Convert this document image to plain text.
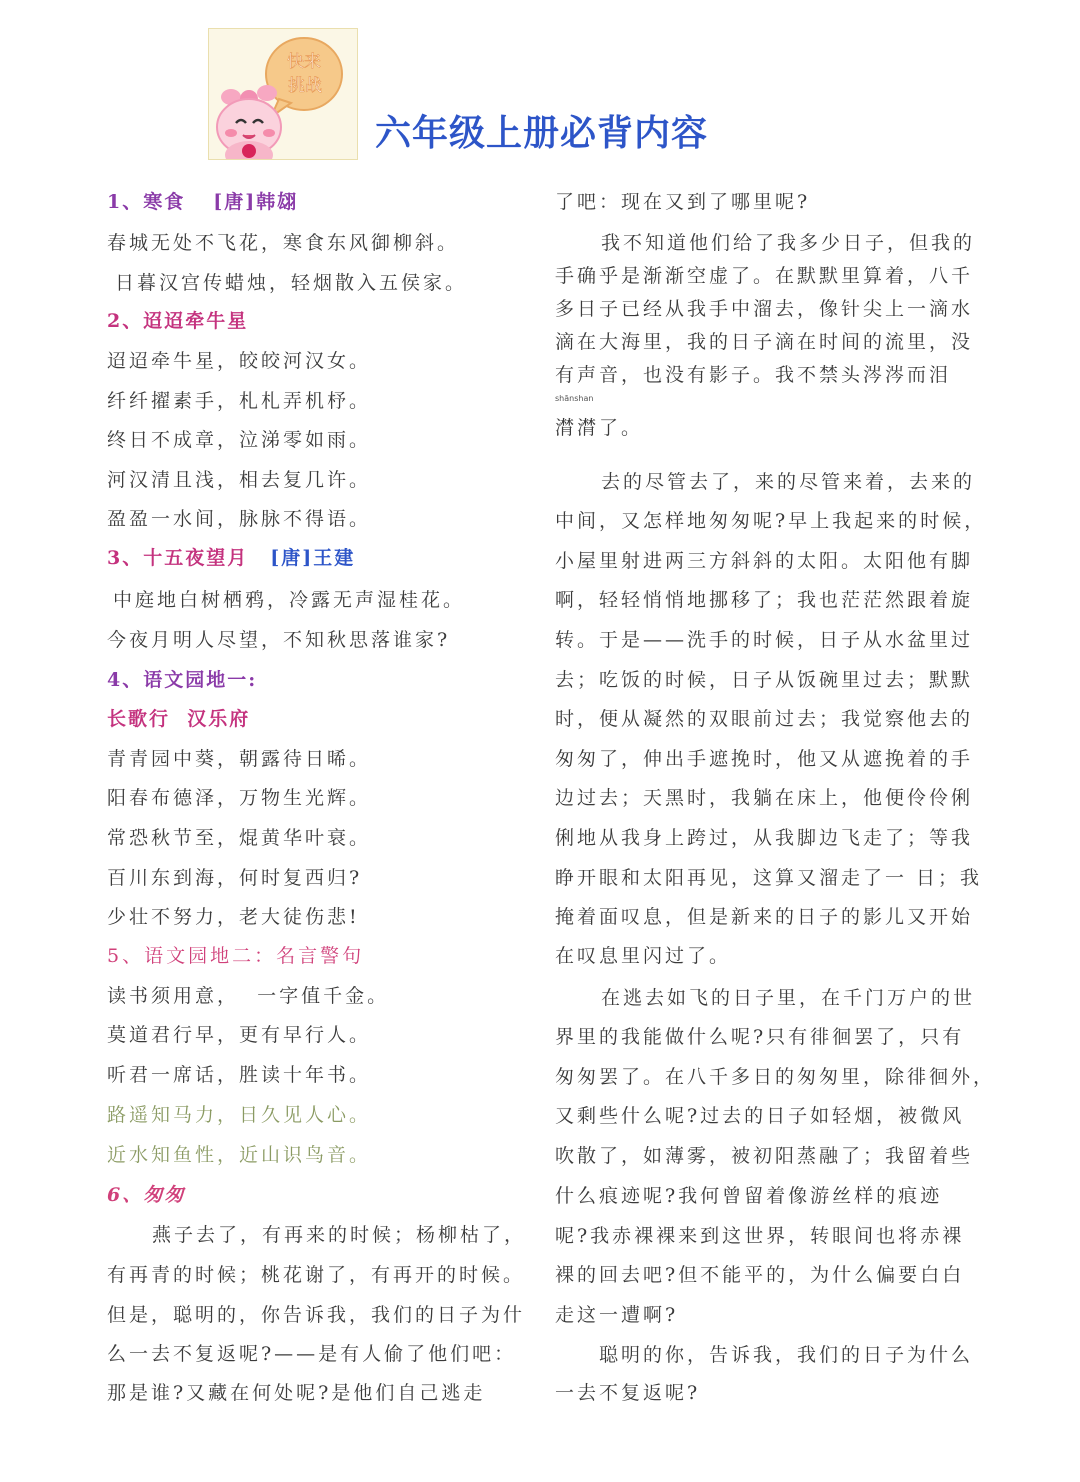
快来
挑战
六年级上册必背内容
1、寒食 [唐]韩翃
春城无处不飞花，寒食东风御柳斜。
日暮汉宫传蜡烛，轻烟散入五侯家。
2、迢迢牵牛星
迢迢牵牛星，皎皎河汉女。
纤纤擢素手，札札弄机杼。
终日不成章，泣涕零如雨。
河汉清且浅，相去复几许。
盈盈一水间，脉脉不得语。
3、十五夜望月 [唐]王建
中庭地白树栖鸦，冷露无声湿桂花。
今夜月明人尽望，不知秋思落谁家?
4、语文园地一:
长歌行  汉乐府
青青园中葵，朝露待日晞。
阳春布德泽，万物生光辉。
常恐秋节至，焜黄华叶衰。
百川东到海，何时复西归?
少壮不努力，老大徒伤悲!
5、语文园地二：名言警句
读书须用意，  一字值千金。
莫道君行早，更有早行人。
听君一席话，胜读十年书。
路遥知马力，日久见人心。
近水知鱼性，近山识鸟音。
6、匆匆
燕子去了，有再来的时候；杨柳枯了，
有再青的时候；桃花谢了，有再开的时候。
但是，聪明的，你告诉我，我们的日子为什
么一去不复返呢?——是有人偷了他们吧：
那是谁?又藏在何处呢?是他们自己逃走
了吧：现在又到了哪里呢?
我不知道他们给了我多少日子，但我的
手确乎是渐渐空虚了。在默默里算着，八千
多日子已经从我手中溜去，像针尖上一滴水
滴在大海里，我的日子滴在时间的流里，没
有声音，也没有影子。我不禁头涔涔而泪
shānshan
潸潸了。
去的尽管去了，来的尽管来着，去来的
中间，又怎样地匆匆呢?早上我起来的时候，
小屋里射进两三方斜斜的太阳。太阳他有脚
啊，轻轻悄悄地挪移了；我也茫茫然跟着旋
转。于是——洗手的时候，日子从水盆里过
去；吃饭的时候，日子从饭碗里过去；默默
时，便从凝然的双眼前过去；我觉察他去的
匆匆了，伸出手遮挽时，他又从遮挽着的手
边过去；天黑时，我躺在床上，他便伶伶俐
俐地从我身上跨过，从我脚边飞走了；等我
睁开眼和太阳再见，这算又溜走了一 日；我
掩着面叹息，但是新来的日子的影儿又开始
在叹息里闪过了。
在逃去如飞的日子里，在千门万户的世
界里的我能做什么呢?只有徘徊罢了，只有
匆匆罢了。在八千多日的匆匆里，除徘徊外，
又剩些什么呢?过去的日子如轻烟，被微风
吹散了，如薄雾，被初阳蒸融了；我留着些
什么痕迹呢?我何曾留着像游丝样的痕迹
呢?我赤裸裸来到这世界，转眼间也将赤裸
裸的回去吧?但不能平的，为什么偏要白白
走这一遭啊?
聪明的你，告诉我，我们的日子为什么
一去不复返呢?
